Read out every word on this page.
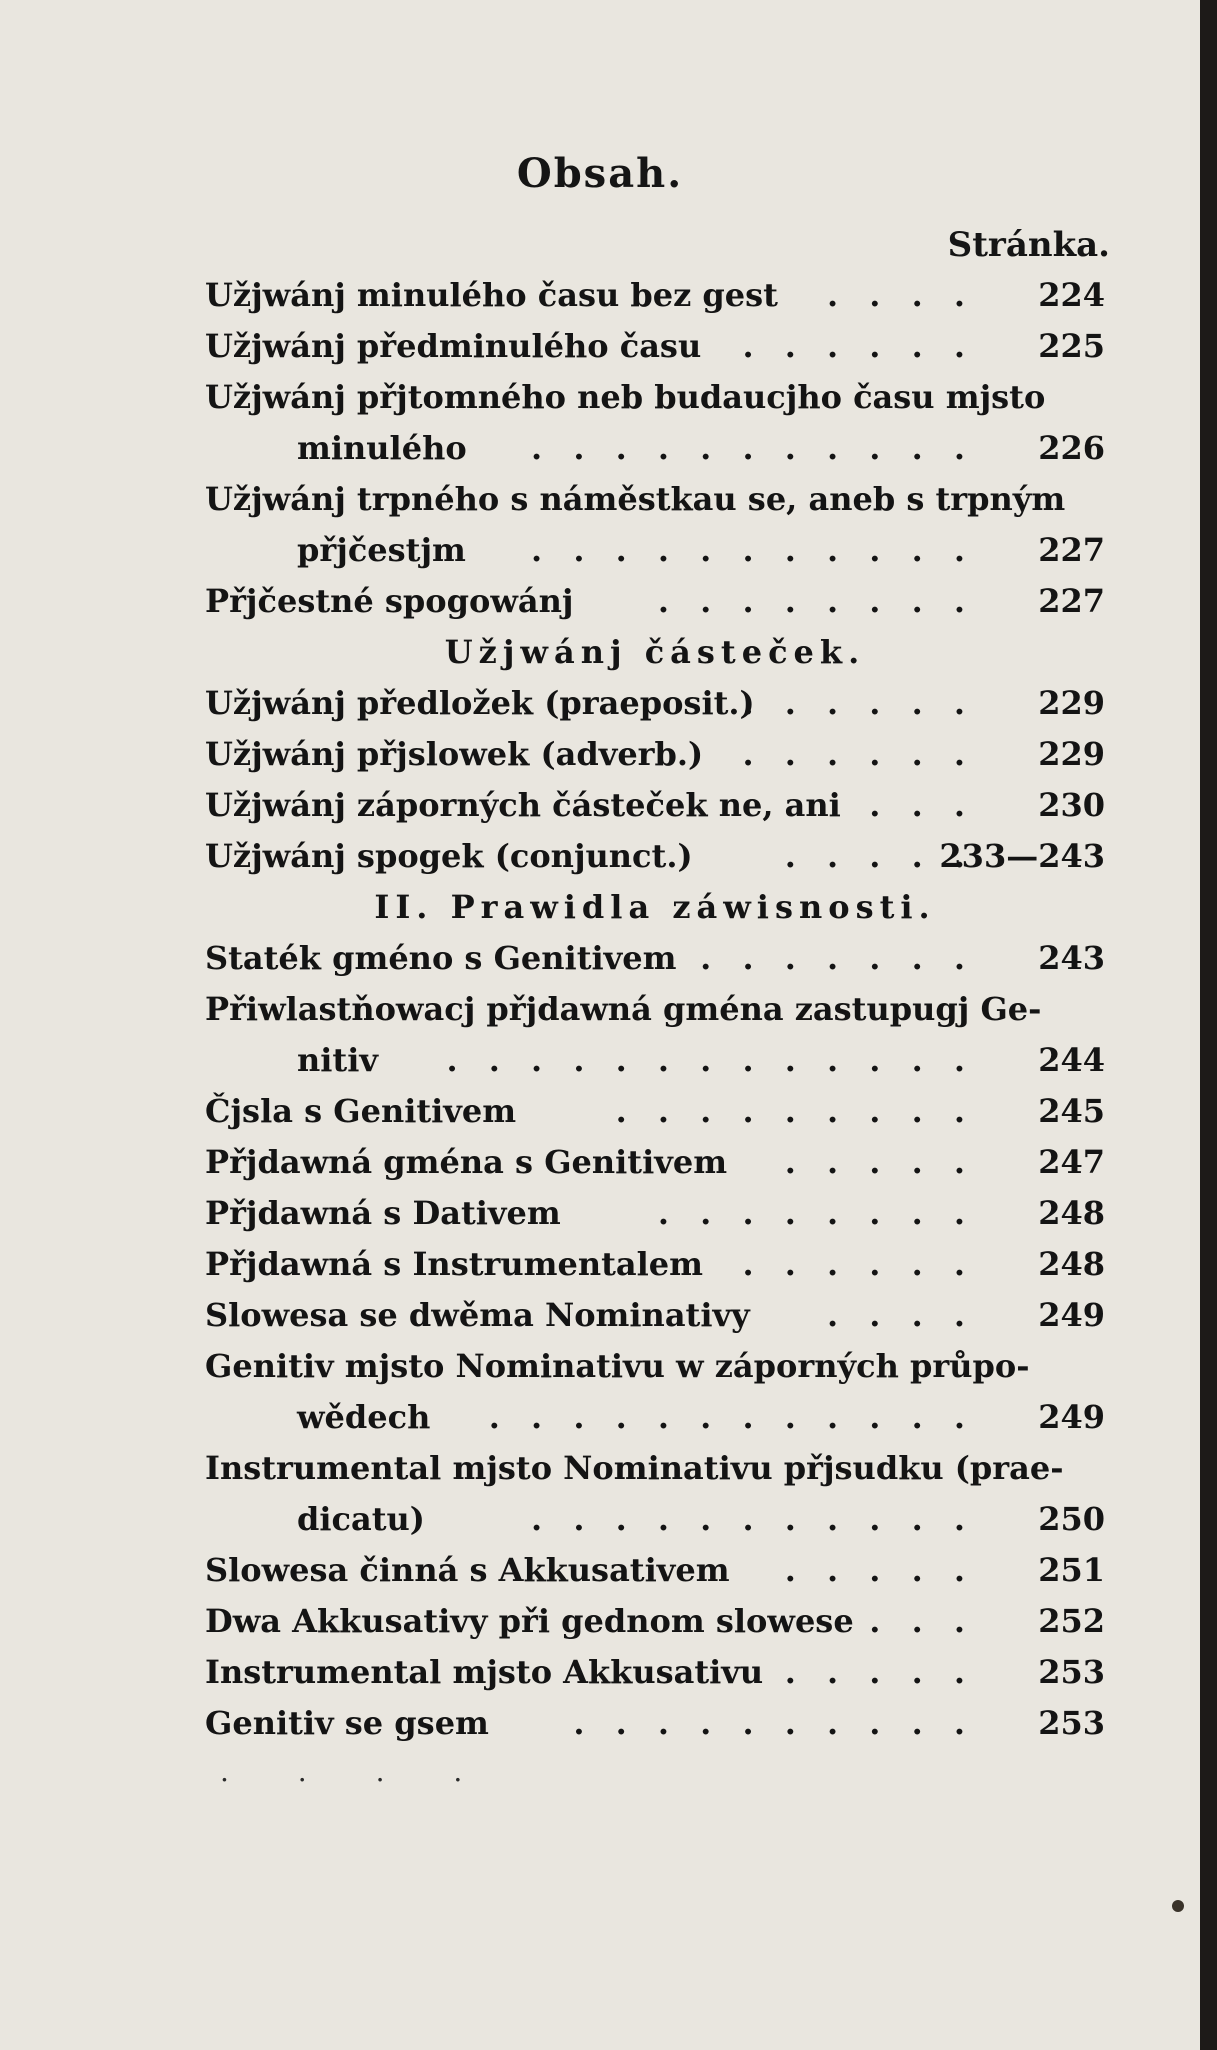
Obsah.
Stránka.
. . . .
Užjwánj minulého času bez gest	224
. . . . . .
Užjwánj předminulého času	225
Užjwánj přjtomného neb budaucjho času mjsto
. . . . . . . . . . .
minulého	226
Užjwánj trpného s náměstkau se, aneb s trpným
. . . . . . . . . . .
přjčestjm	227
. . . . . . . .
Přjčestné spogowánj	227
Užjwánj částeček.
. . . . . .
Užjwánj předložek (praeposit.)	229
. . . . . .
Užjwánj přjslowek (adverb.)	229
. . .
Užjwánj záporných částeček ne, ani	230
. . . . .
Užjwánj spogek (conjunct.)	233—243
II. Prawidla záwisnosti.
. . . . . . .
Staték gméno s Genitivem	243
Přiwlastňowacj přjdawná gména zastupugj Ge-
. . . . . . . . . . . . .
nitiv	244
. . . . . . . . .
Čjsla s Genitivem	245
. . . . .
Přjdawná gména s Genitivem	247
. . . . . . . .
Přjdawná s Dativem	248
. . . . . .
Přjdawná s Instrumentalem	248
. . . .
Slowesa se dwěma Nominativy	249
Genitiv mjsto Nominativu w záporných průpo-
. . . . . . . . . . . .
wědech	249
Instrumental mjsto Nominativu přjsudku (prae-
. . . . . . . . . . .
dicatu)	250
. . . . .
Slowesa činná s Akkusativem	251
. . .
Dwa Akkusativy při gednom slowese	252
. . . . .
Instrumental mjsto Akkusativu	253
. . . . . . . . . .
Genitiv se gsem	253
. . . .
